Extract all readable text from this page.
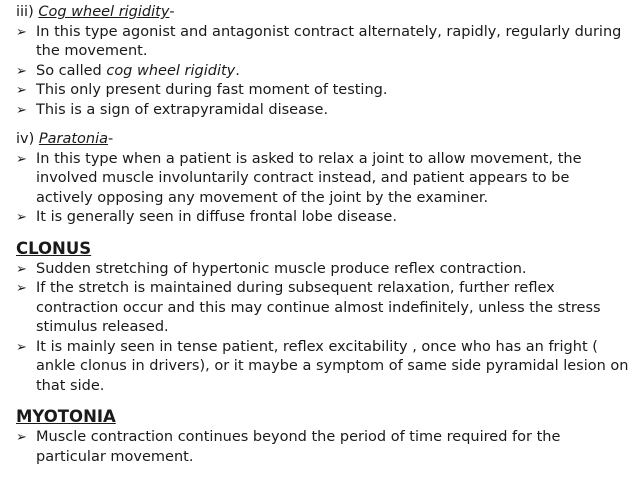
iii) Cog wheel rigidity-

➢ In this type agonist and antagonist contract alternately, rapidly, regularly during the movement.

➢ So called cog wheel rigidity.

➢ This only present during fast moment of testing.

➢ This is a sign of extrapyramidal disease.

iv) Paratonia-

➢ In this type when a patient is asked to relax a joint to allow movement, the involved muscle involuntarily contract instead, and patient appears to be actively opposing any movement of the joint by the examiner.

➢ It is generally seen in diffuse frontal lobe disease.

CLONUS

➢ Sudden stretching of hypertonic muscle produce reflex contraction.

➢ If the stretch is maintained during subsequent relaxation, further reflex contraction occur and this may continue almost indefinitely, unless the stress stimulus released.

➢ It is mainly seen in tense patient, reflex excitability , once who has an fright ( ankle clonus in drivers), or it maybe a symptom of same side pyramidal lesion on that side.

MYOTONIA

➢ Muscle contraction continues beyond the period of time required for the particular movement.
